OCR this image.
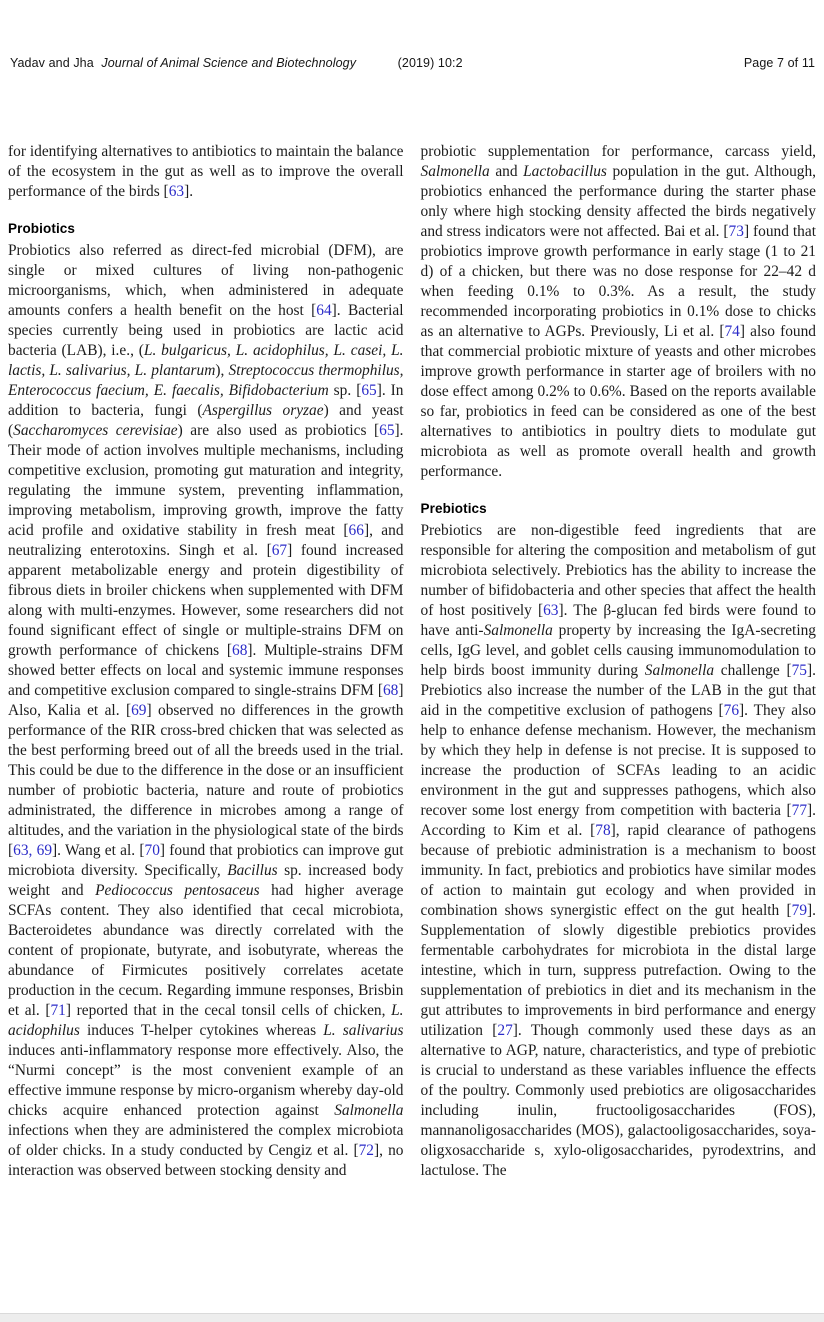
Yadav and Jha Journal of Animal Science and Biotechnology	(2019) 10:2	Page 7 of 11

for identifying alternatives to antibiotics to maintain the balance of the ecosystem in the gut as well as to improve the overall performance of the birds [63].

Probiotics

Probiotics also referred as direct-fed microbial (DFM), are single or mixed cultures of living non-pathogenic microorganisms, which, when administered in adequate amounts confers a health benefit on the host [64]. Bacterial species currently being used in probiotics are lactic acid bacteria (LAB), i.e., (L. bulgaricus, L. acidophilus, L. casei, L. lactis, L. salivarius, L. plantarum), Streptococcus thermophilus, Enterococcus faecium, E. faecalis, Bifidobacterium sp. [65]. In addition to bacteria, fungi (Aspergillus oryzae) and yeast (Saccharomyces cerevisiae) are also used as probiotics [65]. Their mode of action involves multiple mechanisms, including competitive exclusion, promoting gut maturation and integrity, regulating the immune system, preventing inflammation, improving metabolism, improving growth, improve the fatty acid profile and oxidative stability in fresh meat [66], and neutralizing enterotoxins. Singh et al. [67] found increased apparent metabolizable energy and protein digestibility of fibrous diets in broiler chickens when supplemented with DFM along with multi-enzymes. However, some researchers did not found significant effect of single or multiple-strains DFM on growth performance of chickens [68]. Multiple-strains DFM showed better effects on local and systemic immune responses and competitive exclusion compared to single-strains DFM [68] Also, Kalia et al. [69] observed no differences in the growth performance of the RIR cross-bred chicken that was selected as the best performing breed out of all the breeds used in the trial. This could be due to the difference in the dose or an insufficient number of probiotic bacteria, nature and route of probiotics administrated, the difference in microbes among a range of altitudes, and the variation in the physiological state of the birds [63, 69]. Wang et al. [70] found that probiotics can improve gut microbiota diversity. Specifically, Bacillus sp. increased body weight and Pediococcus pentosaceus had higher average SCFAs content. They also identified that cecal microbiota, Bacteroidetes abundance was directly correlated with the content of propionate, butyrate, and isobutyrate, whereas the abundance of Firmicutes positively correlates acetate production in the cecum. Regarding immune responses, Brisbin et al. [71] reported that in the cecal tonsil cells of chicken, L. acidophilus induces T-helper cytokines whereas L. salivarius induces anti-inflammatory response more effectively. Also, the “Nurmi concept” is the most convenient example of an effective immune response by micro-organism whereby day-old chicks acquire enhanced protection against Salmonella infections when they are administered the complex microbiota of older chicks. In a study conducted by Cengiz et al. [72], no interaction was observed between stocking density and

probiotic supplementation for performance, carcass yield, Salmonella and Lactobacillus population in the gut. Although, probiotics enhanced the performance during the starter phase only where high stocking density affected the birds negatively and stress indicators were not affected. Bai et al. [73] found that probiotics improve growth performance in early stage (1 to 21 d) of a chicken, but there was no dose response for 22–42 d when feeding 0.1% to 0.3%. As a result, the study recommended incorporating probiotics in 0.1% dose to chicks as an alternative to AGPs. Previously, Li et al. [74] also found that commercial probiotic mixture of yeasts and other microbes improve growth performance in starter age of broilers with no dose effect among 0.2% to 0.6%. Based on the reports available so far, probiotics in feed can be considered as one of the best alternatives to antibiotics in poultry diets to modulate gut microbiota as well as promote overall health and growth performance.

Prebiotics

Prebiotics are non-digestible feed ingredients that are responsible for altering the composition and metabolism of gut microbiota selectively. Prebiotics has the ability to increase the number of bifidobacteria and other species that affect the health of host positively [63]. The β-glucan fed birds were found to have anti-Salmonella property by increasing the IgA-secreting cells, IgG level, and goblet cells causing immunomodulation to help birds boost immunity during Salmonella challenge [75]. Prebiotics also increase the number of the LAB in the gut that aid in the competitive exclusion of pathogens [76]. They also help to enhance defense mechanism. However, the mechanism by which they help in defense is not precise. It is supposed to increase the production of SCFAs leading to an acidic environment in the gut and suppresses pathogens, which also recover some lost energy from competition with bacteria [77]. According to Kim et al. [78], rapid clearance of pathogens because of prebiotic administration is a mechanism to boost immunity. In fact, prebiotics and probiotics have similar modes of action to maintain gut ecology and when provided in combination shows synergistic effect on the gut health [79]. Supplementation of slowly digestible prebiotics provides fermentable carbohydrates for microbiota in the distal large intestine, which in turn, suppress putrefaction. Owing to the supplementation of prebiotics in diet and its mechanism in the gut attributes to improvements in bird performance and energy utilization [27]. Though commonly used these days as an alternative to AGP, nature, characteristics, and type of prebiotic is crucial to understand as these variables influence the effects of the poultry. Commonly used prebiotics are oligosaccharides including inulin, fructooligosaccharides (FOS), mannanoligosaccharides (MOS), galactooligosaccharides, soya-oligxosaccharide s, xylo-oligosaccharides, pyrodextrins, and lactulose. The
